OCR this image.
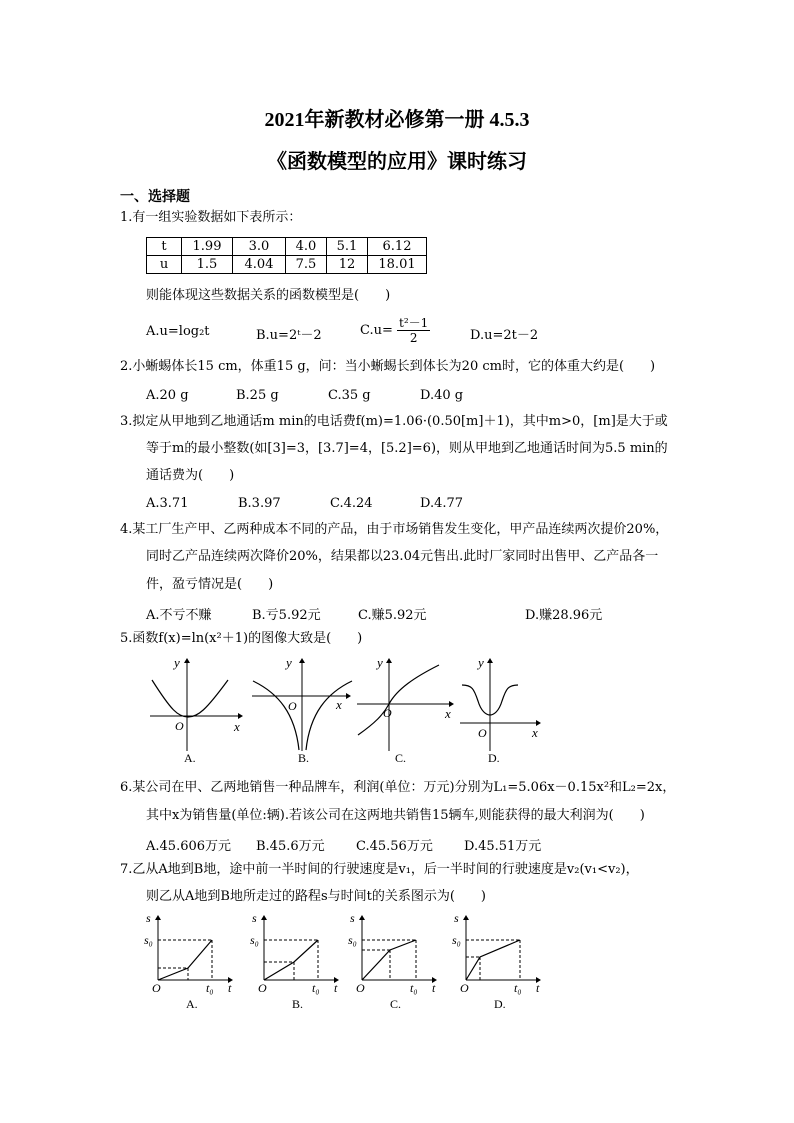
2021年新教材必修第一册 4.5.3
《函数模型的应用》课时练习
一、选择题
1.有一组实验数据如下表所示：
t	1.99	3.0	4.0	5.1	6.12
u	1.5	4.04	7.5	12	18.01
则能体现这些数据关系的函数模型是(　　)
A.u=log₂t	B.u=2ᵗ－2	$C.u= \frac{\text{t²－1}}{2}$	D.u=2t－2
2.小蜥蜴体长15 cm，体重15 g，问：当小蜥蜴长到体长为20 cm时，它的体重大约是(　　)
A.20 g	B.25 g	C.35 g	D.40 g
3.拟定从甲地到乙地通话m min的电话费f(m)=1.06·(0.50[m]＋1)，其中m>0，[m]是大于或
等于m的最小整数(如[3]=3，[3.7]=4，[5.2]=6)，则从甲地到乙地通话时间为5.5 min的
通话费为(　　)
A.3.71	B.3.97	C.4.24	D.4.77
4.某工厂生产甲、乙两种成本不同的产品，由于市场销售发生变化，甲产品连续两次提价20%，
同时乙产品连续两次降价20%，结果都以23.04元售出.此时厂家同时出售甲、乙产品各一
件，盈亏情况是(　　)
A.不亏不赚	B.亏5.92元	C.赚5.92元	D.赚28.96元
5.函数f(x)=ln(x²＋1)的图像大致是(　　)
y
x
O
A.
y
x
O
B.
y
x
O
C.
y
x
O
D.
6.某公司在甲、乙两地销售一种品牌车，利润(单位：万元)分别为L₁=5.06x－0.15x²和L₂=2x，
其中x为销售量(单位:辆).若该公司在这两地共销售15辆车,则能获得的最大利润为(　　)
A.45.606万元 B.45.6万元 C.45.56万元 D.45.51万元
7.乙从A地到B地，途中前一半时间的行驶速度是v₁，后一半时间的行驶速度是v₂(v₁<v₂)，
则乙从A地到B地所走过的路程s与时间t的关系图示为(　　)
s
s₀
O	t₀ t
A.
s
s₀
O	t₀ t
B.
s
s₀
O	t₀ t
C.
s
s₀
O	t₀ t
D.
